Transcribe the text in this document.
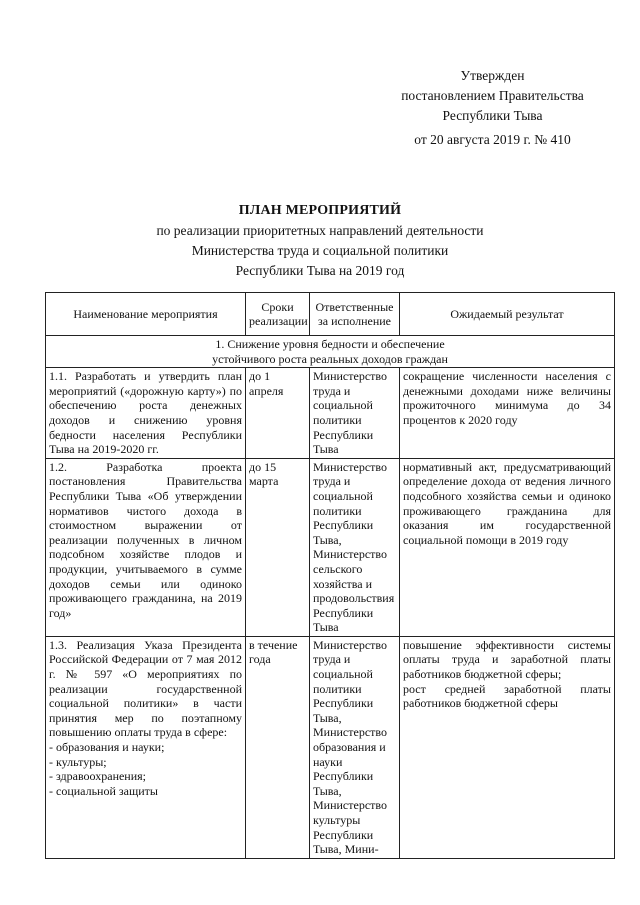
Утвержден
постановлением Правительства
Республики Тыва
от 20 августа 2019 г. № 410
ПЛАН МЕРОПРИЯТИЙ
по реализации приоритетных направлений деятельности
Министерства труда и социальной политики
Республики Тыва на 2019 год
Наименование мероприятия	Сроки реализации	Ответственные за исполнение	Ожидаемый результат

1. Снижение уровня бедности и обеспечение
устойчивого роста реальных доходов граждан			

1.1. Разработать и утвердить план мероприятий («дорожную карту») по обеспечению роста денежных доходов и снижению уровня бедности населения Республики Тыва на 2019-2020 гг.	до 1 апреля	Министерство труда и социальной политики Республики Тыва	сокращение численности населения с денежными доходами ниже величины прожиточного минимума до 34 процентов к 2020 году
1.2. Разработка проекта постановления Правительства Республики Тыва «Об утверждении нормативов чистого дохода в стоимостном выражении от реализации полученных в личном подсобном хозяйстве плодов и продукции, учитываемого в сумме доходов семьи или одиноко проживающего гражданина, на 2019 год»	до 15 марта	Министерство труда и социальной политики Республики Тыва, Министерство сельского хозяйства и продовольствия Республики Тыва	нормативный акт, предусматривающий определение дохода от ведения личного подсобного хозяйства семьи и одиноко проживающего гражданина для оказания им государственной социальной помощи в 2019 году
1.3. Реализация Указа Президента Российской Федерации от 7 мая 2012 г. № 597 «О мероприятиях по реализации государственной социальной политики» в части принятия мер по поэтапному повышению оплаты труда в сфере:
- образования и науки;
- культуры;
- здравоохранения;
- социальной защиты	в течение года	Министерство труда и социальной политики Республики Тыва, Министерство образования и науки Республики Тыва, Министерство культуры Республики Тыва, Мини-	повышение эффективности системы оплаты труда и заработной платы работников бюджетной сферы;
рост средней заработной платы работников бюджетной сферы
